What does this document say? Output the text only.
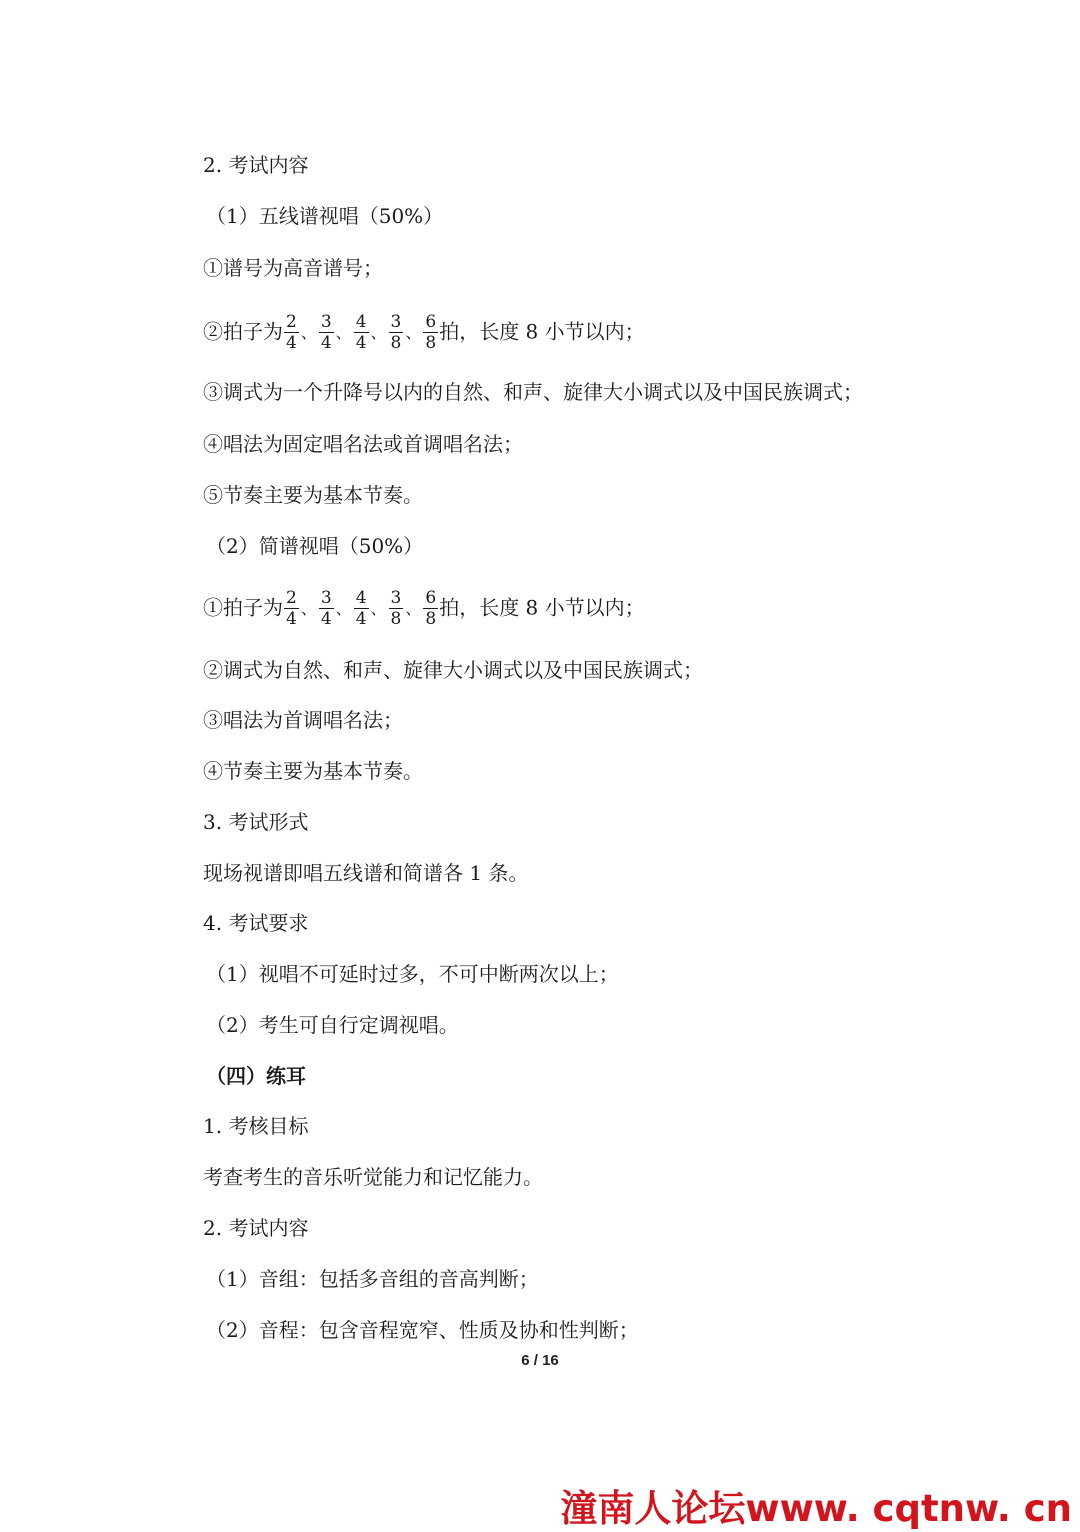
2. 考试内容
（1）五线谱视唱（50%）
①谱号为高音谱号；
②拍子为 $\frac{2}{4}$ 、 $\frac{3}{4}$ 、 $\frac{4}{4}$ 、 $\frac{3}{8}$ 、 $\frac{6}{8}$ 拍，长度 8 小节以内；
③调式为一个升降号以内的自然、和声、旋律大小调式以及中国民族调式；
④唱法为固定唱名法或首调唱名法；
⑤节奏主要为基本节奏。
（2）简谱视唱（50%）
①拍子为 $\frac{2}{4}$ 、 $\frac{3}{4}$ 、 $\frac{4}{4}$ 、 $\frac{3}{8}$ 、 $\frac{6}{8}$ 拍，长度 8 小节以内；
②调式为自然、和声、旋律大小调式以及中国民族调式；
③唱法为首调唱名法；
④节奏主要为基本节奏。
3. 考试形式
现场视谱即唱五线谱和简谱各 1 条。
4. 考试要求
（1）视唱不可延时过多，不可中断两次以上；
（2）考生可自行定调视唱。
（四）练耳
1. 考核目标
考查考生的音乐听觉能力和记忆能力。
2. 考试内容
（1）音组：包括多音组的音高判断；
（2）音程：包含音程宽窄、性质及协和性判断；
6 / 16
潼南人论坛www. cqtnw. cn
